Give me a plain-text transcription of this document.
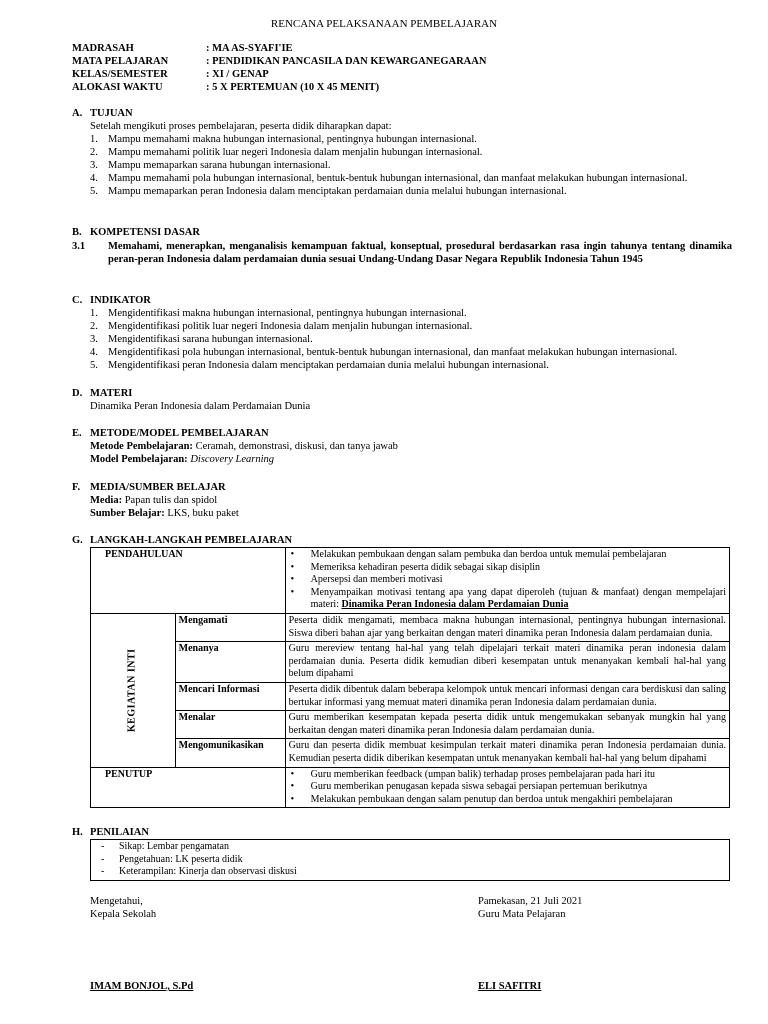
RENCANA PELAKSANAAN PEMBELAJARAN
MADRASAH	: MA AS-SYAFI'IE
MATA PELAJARAN	: PENDIDIKAN PANCASILA DAN KEWARGANEGARAAN
KELAS/SEMESTER	: XI / GENAP
ALOKASI WAKTU	: 5 X PERTEMUAN (10 X 45 MENIT)
A. TUJUAN
Setelah mengikuti proses pembelajaran, peserta didik diharapkan dapat:
1. Mampu memahami makna hubungan internasional, pentingnya hubungan internasional.
2. Mampu memahami politik luar negeri Indonesia dalam menjalin hubungan internasional.
3. Mampu memaparkan sarana hubungan internasional.
4. Mampu memahami pola hubungan internasional, bentuk-bentuk hubungan internasional, dan manfaat melakukan hubungan internasional.
5. Mampu memaparkan peran Indonesia dalam menciptakan perdamaian dunia melalui hubungan internasional.
B. KOMPETENSI DASAR
3.1 Memahami, menerapkan, menganalisis kemampuan faktual, konseptual, prosedural berdasarkan rasa ingin tahunya tentang dinamika peran-peran Indonesia dalam perdamaian dunia sesuai Undang-Undang Dasar Negara Republik Indonesia Tahun 1945
C. INDIKATOR
1. Mengidentifikasi makna hubungan internasional, pentingnya hubungan internasional.
2. Mengidentifikasi politik luar negeri Indonesia dalam menjalin hubungan internasional.
3. Mengidentifikasi sarana hubungan internasional.
4. Mengidentifikasi pola hubungan internasional, bentuk-bentuk hubungan internasional, dan manfaat melakukan hubungan internasional.
5. Mengidentifikasi peran Indonesia dalam menciptakan perdamaian dunia melalui hubungan internasional.
D. MATERI
Dinamika Peran Indonesia dalam Perdamaian Dunia
E. METODE/MODEL PEMBELAJARAN
Metode Pembelajaran: Ceramah, demonstrasi, diskusi, dan tanya jawab
Model Pembelajaran: Discovery Learning
F. MEDIA/SUMBER BELAJAR
Media: Papan tulis dan spidol
Sumber Belajar: LKS, buku paket
G. LANGKAH-LANGKAH PEMBELAJARAN
PENDAHULUAN		• Melakukan pembukaan dengan salam pembuka dan berdoa untuk memulai pembelajaran
• Memeriksa kehadiran peserta didik sebagai sikap disiplin
• Apersepsi dan memberi motivasi
• Menyampaikan motivasi tentang apa yang dapat diperoleh (tujuan & manfaat) dengan mempelajari materi: Dinamika Peran Indonesia dalam Perdamaian Dunia

KEGIATAN INTI	Mengamati	Peserta didik mengamati, membaca makna hubungan internasional, pentingnya hubungan internasional. Siswa diberi bahan ajar yang berkaitan dengan materi dinamika peran Indonesia dalam perdamaian dunia.
	Menanya	Guru mereview tentang hal-hal yang telah dipelajari terkait materi dinamika peran indonesia dalam perdamaian dunia. Peserta didik kemudian diberi kesempatan untuk menanyakan kembali hal-hal yang belum dipahami
	Mencari Informasi	Peserta didik dibentuk dalam beberapa kelompok untuk mencari informasi dengan cara berdiskusi dan saling bertukar informasi yang memuat materi dinamika peran Indonesia dalam perdamaian dunia.
	Menalar	Guru memberikan kesempatan kepada peserta didik untuk mengemukakan sebanyak mungkin hal yang berkaitan dengan materi dinamika peran Indonesia dalam perdamaian dunia.
	Mengomunikasikan	Guru dan peserta didik membuat kesimpulan terkait materi dinamika peran Indonesia perdamaian dunia. Kemudian peserta didik diberikan kesempatan untuk menanyakan kembali hal-hal yang belum dipahami
PENUTUP		• Guru memberikan feedback (umpan balik) terhadap proses pembelajaran pada hari itu
• Guru memberikan penugasan kepada siswa sebagai persiapan pertemuan berikutnya
• Melakukan pembukaan dengan salam penutup dan berdoa untuk mengakhiri pembelajaran
H. PENILAIAN
- Sikap: Lembar pengamatan
- Pengetahuan: LK peserta didik
- Keterampilan: Kinerja dan observasi diskusi
Mengetahui,
Kepala Sekolah
Pamekasan, 21 Juli 2021
Guru Mata Pelajaran
IMAM BONJOL, S.Pd	ELI SAFITRI
